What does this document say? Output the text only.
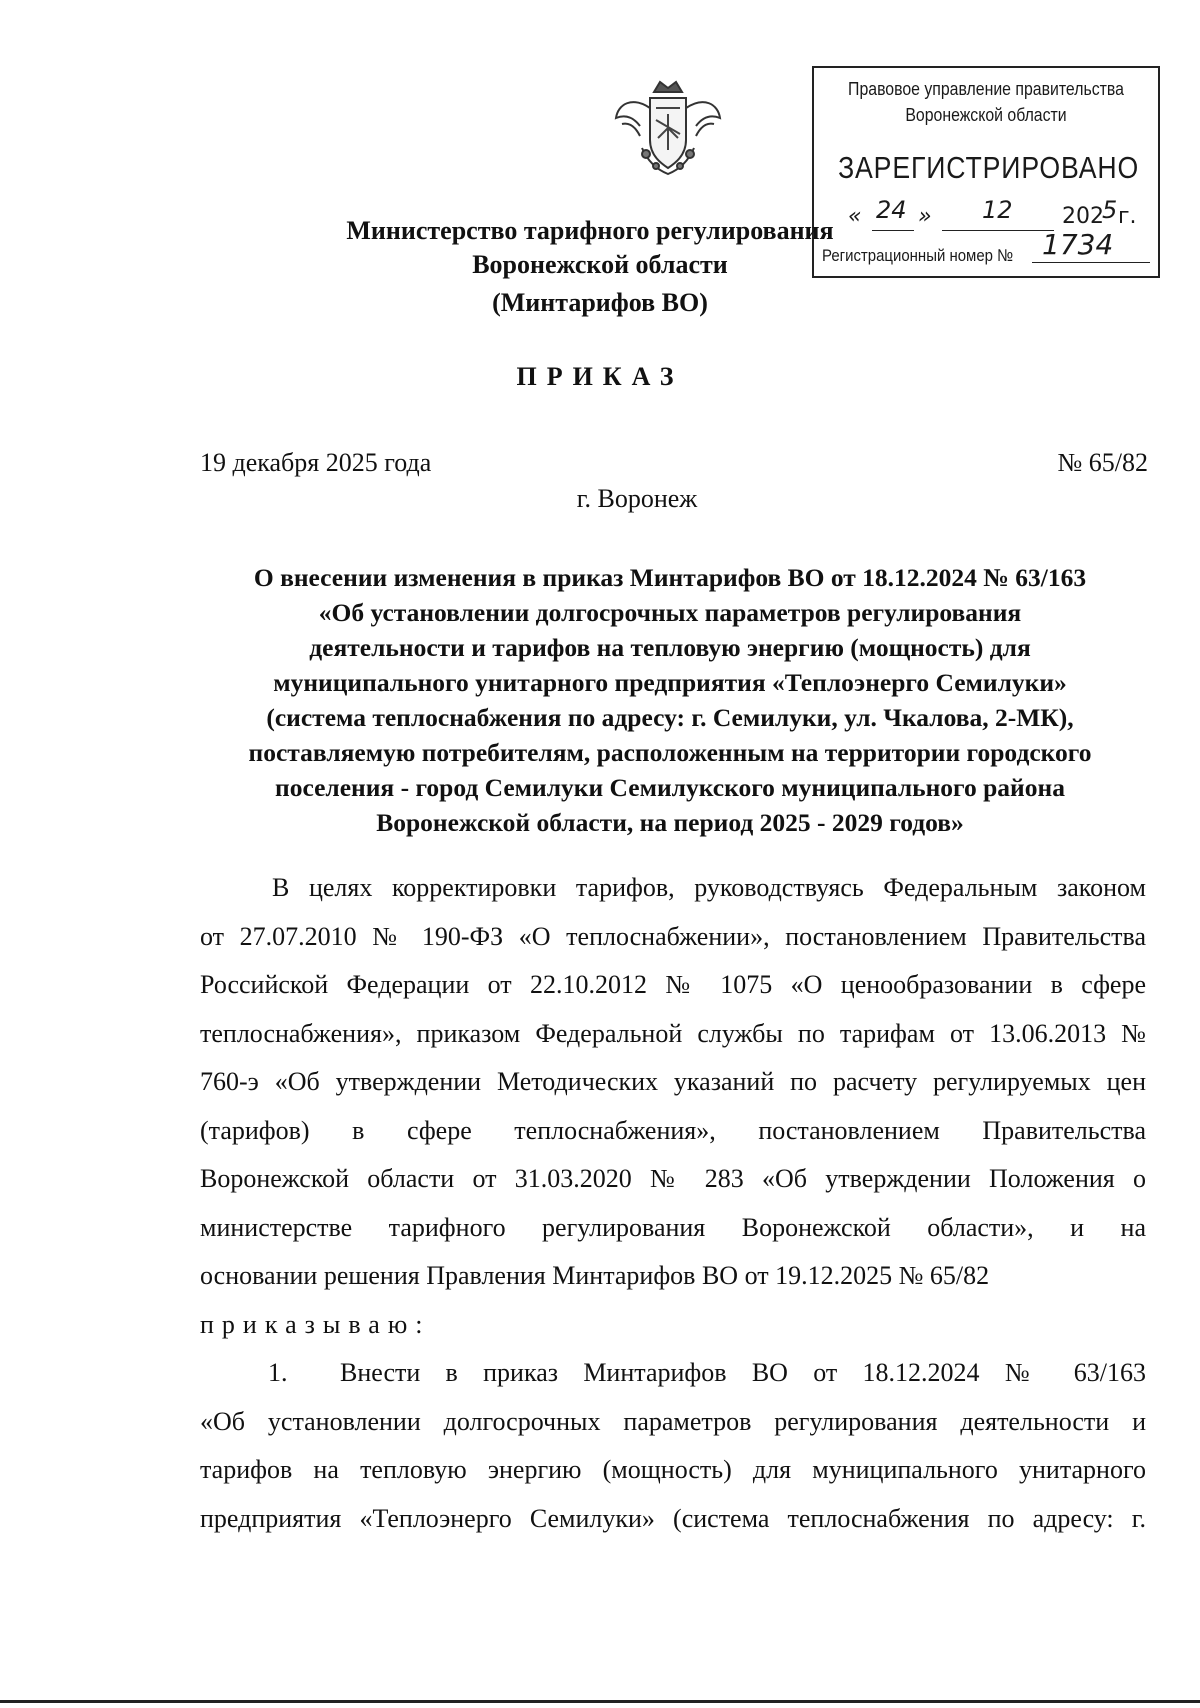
Правовое управление правительства
Воронежской области
ЗАРЕГИСТРИРОВАНО
« 24 » 12 202
5 г.
Регистрационный номер № 1734
Министерство тарифного регулирования
Воронежской области
(Минтарифов ВО)
ПРИКАЗ
19 декабря 2025 года	№ 65/82
г. Воронеж
О внесении изменения в приказ Минтарифов ВО от 18.12.2024 № 63/163
«Об установлении долгосрочных параметров регулирования
деятельности и тарифов на тепловую энергию (мощность) для
муниципального унитарного предприятия «Теплоэнерго Семилуки»
(система теплоснабжения по адресу: г. Семилуки, ул. Чкалова, 2-МК),
поставляемую потребителям, расположенным на территории городского
поселения - город Семилуки Семилукского муниципального района
Воронежской области, на период 2025 - 2029 годов»
В целях корректировки тарифов, руководствуясь Федеральным законом
от 27.07.2010 № 190-ФЗ «О теплоснабжении», постановлением Правительства
Российской Федерации от 22.10.2012 № 1075 «О ценообразовании в сфере
теплоснабжения», приказом Федеральной службы по тарифам от 13.06.2013 №
760-э «Об утверждении Методических указаний по расчету регулируемых цен
(тарифов) в сфере теплоснабжения», постановлением Правительства
Воронежской области от 31.03.2020 № 283 «Об утверждении Положения о
министерстве тарифного регулирования Воронежской области», и на
основании решения Правления Минтарифов ВО от 19.12.2025 № 65/82
приказываю:
1. Внести в приказ Минтарифов ВО от 18.12.2024 № 63/163
«Об установлении долгосрочных параметров регулирования деятельности и
тарифов на тепловую энергию (мощность) для муниципального унитарного
предприятия «Теплоэнерго Семилуки» (система теплоснабжения по адресу: г.
